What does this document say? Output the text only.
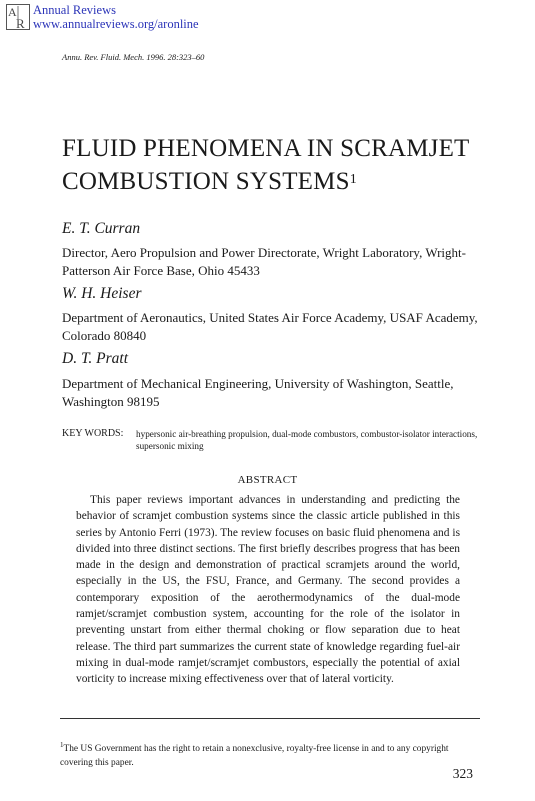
A
R
Annual Reviews
www.annualreviews.org/aronline
Annu. Rev. Fluid. Mech. 1996. 28:323–60
FLUID PHENOMENA IN SCRAMJET COMBUSTION SYSTEMS$^1$
E. T. Curran
Director, Aero Propulsion and Power Directorate, Wright Laboratory, Wright-Patterson Air Force Base, Ohio 45433
W. H. Heiser
Department of Aeronautics, United States Air Force Academy, USAF Academy, Colorado 80840
D. T. Pratt
Department of Mechanical Engineering, University of Washington, Seattle, Washington 98195
KEY WORDS: hypersonic air-breathing propulsion, dual-mode combustors, combustor-isolator interactions, supersonic mixing
ABSTRACT
This paper reviews important advances in understanding and predicting the behavior of scramjet combustion systems since the classic article published in this series by Antonio Ferri (1973). The review focuses on basic fluid phenomena and is divided into three distinct sections. The first briefly describes progress that has been made in the design and demonstration of practical scramjets around the world, especially in the US, the FSU, France, and Germany. The second provides a contemporary exposition of the aerothermodynamics of the dual-mode ramjet/scramjet combustion system, accounting for the role of the isolator in preventing unstart from either thermal choking or flow separation due to heat release. The third part summarizes the current state of knowledge regarding fuel-air mixing in dual-mode ramjet/scramjet combustors, especially the potential of axial vorticity to increase mixing effectiveness over that of lateral vorticity.
$^1$The US Government has the right to retain a nonexclusive, royalty-free license in and to any copyright covering this paper.
323
